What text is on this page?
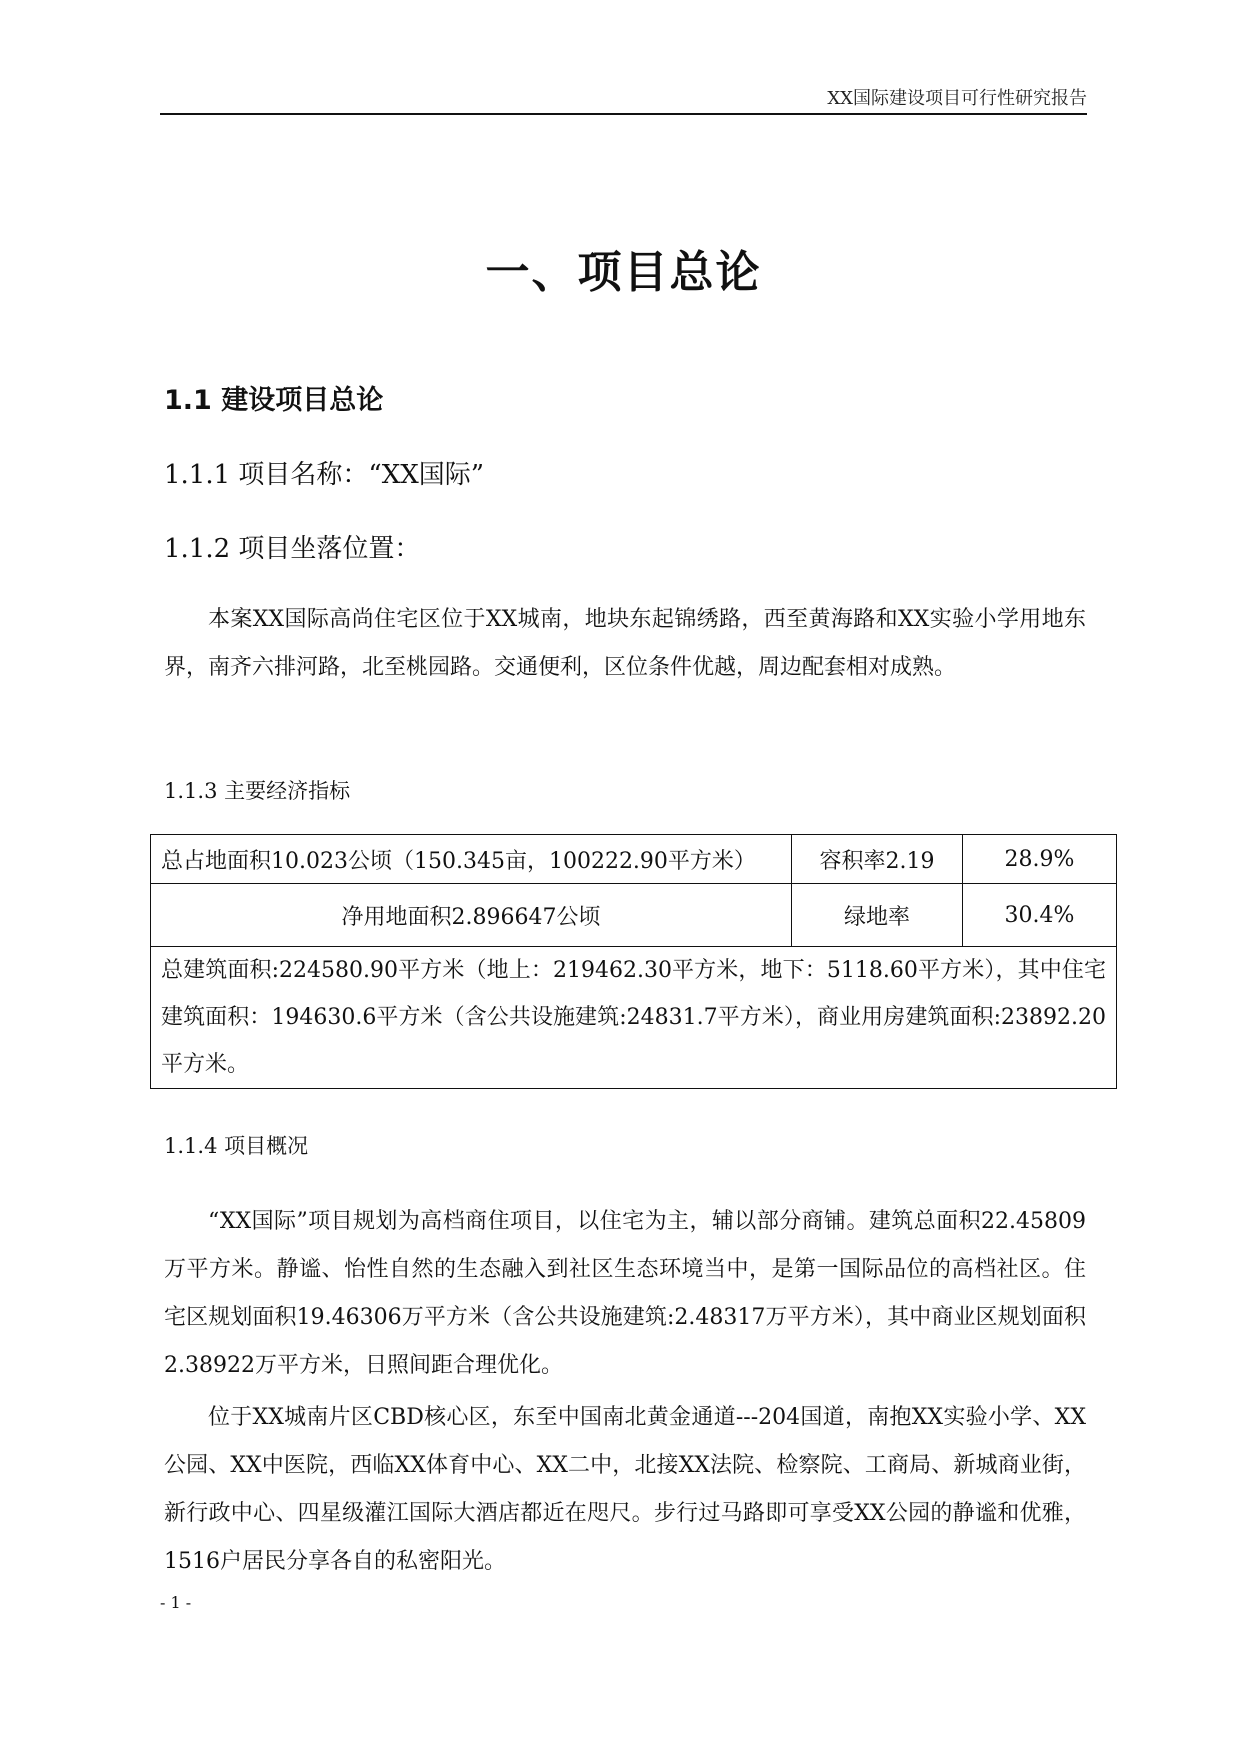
XX国际建设项目可行性研究报告
一、项目总论
1.1 建设项目总论
1.1.1 项目名称：“XX国际”
1.1.2 项目坐落位置：
本案XX国际高尚住宅区位于XX城南，地块东起锦绣路，西至黄海路和XX实验小学用地东界，南齐六排河路，北至桃园路。交通便利，区位条件优越，周边配套相对成熟。
1.1.3 主要经济指标
总占地面积10.023公顷（150.345亩，100222.90平方米）	容积率2.19	28.9%
净用地面积2.896647公顷	绿地率	30.4%
总建筑面积:224580.90平方米（地上：219462.30平方米，地下：5118.60平方米），其中住宅建筑面积：194630.6平方米（含公共设施建筑:24831.7平方米），商业用房建筑面积:23892.20平方米。		
1.1.4 项目概况
“XX国际”项目规划为高档商住项目，以住宅为主，辅以部分商铺。建筑总面积22.45809万平方米。静谧、怡性自然的生态融入到社区生态环境当中，是第一国际品位的高档社区。住宅区规划面积19.46306万平方米（含公共设施建筑:2.48317万平方米），其中商业区规划面积2.38922万平方米，日照间距合理优化。
位于XX城南片区CBD核心区，东至中国南北黄金通道---204国道，南抱XX实验小学、XX公园、XX中医院，西临XX体育中心、XX二中，北接XX法院、检察院、工商局、新城商业街，新行政中心、四星级灌江国际大酒店都近在咫尺。步行过马路即可享受XX公园的静谧和优雅，1516户居民分享各自的私密阳光。
- 1 -
